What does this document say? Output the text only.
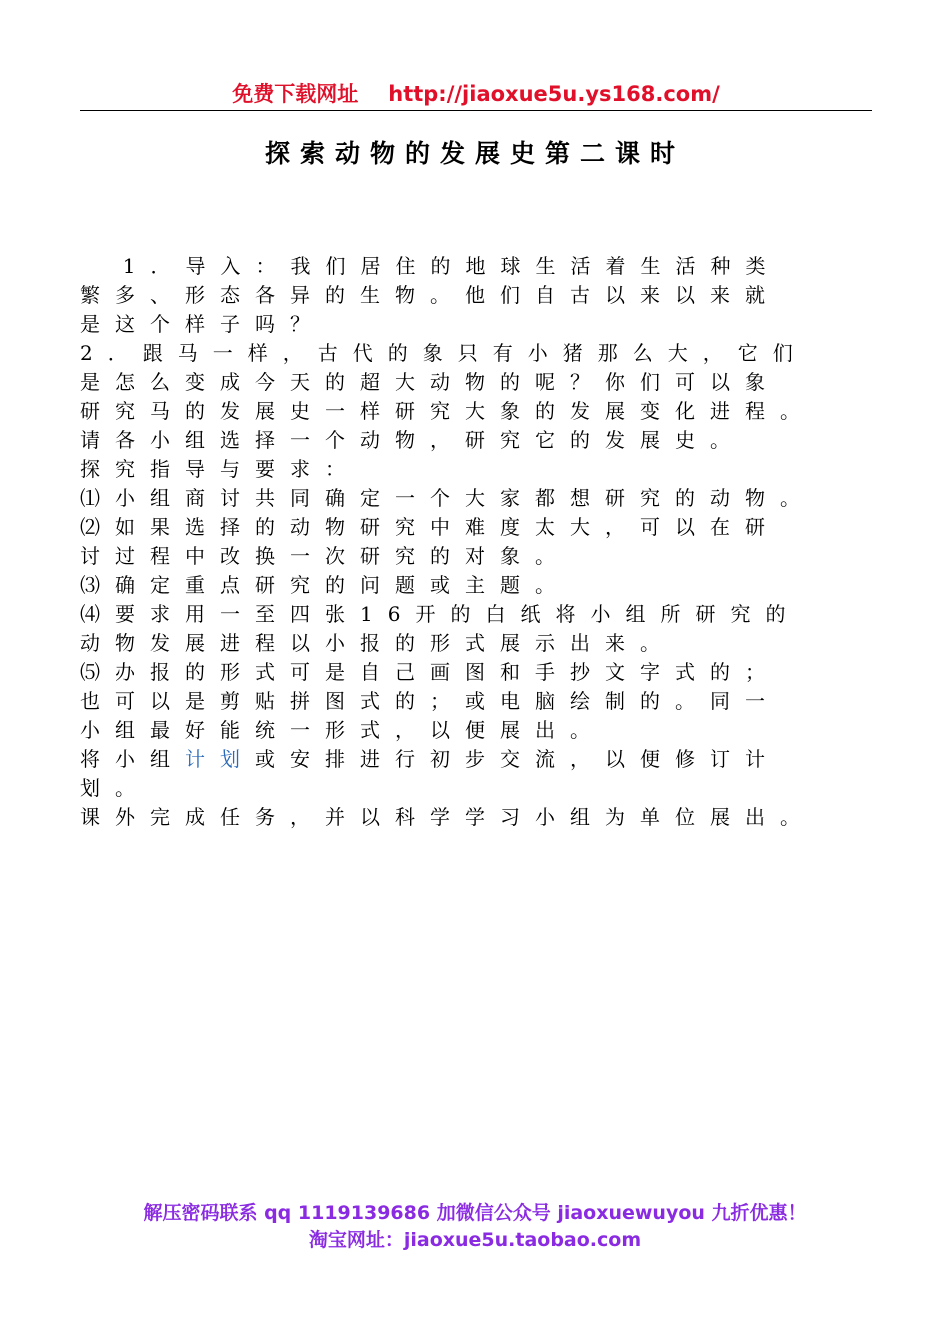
免费下载网址 http://jiaoxue5u.ys168.com/
探索动物的发展史第二课时
1．导入：我们居住的地球生活着生活种类
繁多、形态各异的生物。他们自古以来以来就
是这个样子吗？
2．跟马一样，古代的象只有小猪那么大，它们
是怎么变成今天的超大动物的呢？你们可以象
研究马的发展史一样研究大象的发展变化进程。
请各小组选择一个动物，研究它的发展史。
探究指导与要求：
⑴小组商讨共同确定一个大家都想研究的动物。
⑵如果选择的动物研究中难度太大，可以在研
讨过程中改换一次研究的对象。
⑶确定重点研究的问题或主题。
⑷要求用一至四张16开的白纸将小组所研究的
动物发展进程以小报的形式展示出来。
⑸办报的形式可是自己画图和手抄文字式的；
也可以是剪贴拼图式的；或电脑绘制的。同一
小组最好能统一形式，以便展出。
将小组计划或安排进行初步交流，以便修订计
划。
课外完成任务，并以科学学习小组为单位展出。
解压密码联系 qq 1119139686 加微信公众号 jiaoxuewuyou 九折优惠！
淘宝网址：jiaoxue5u.taobao.com
